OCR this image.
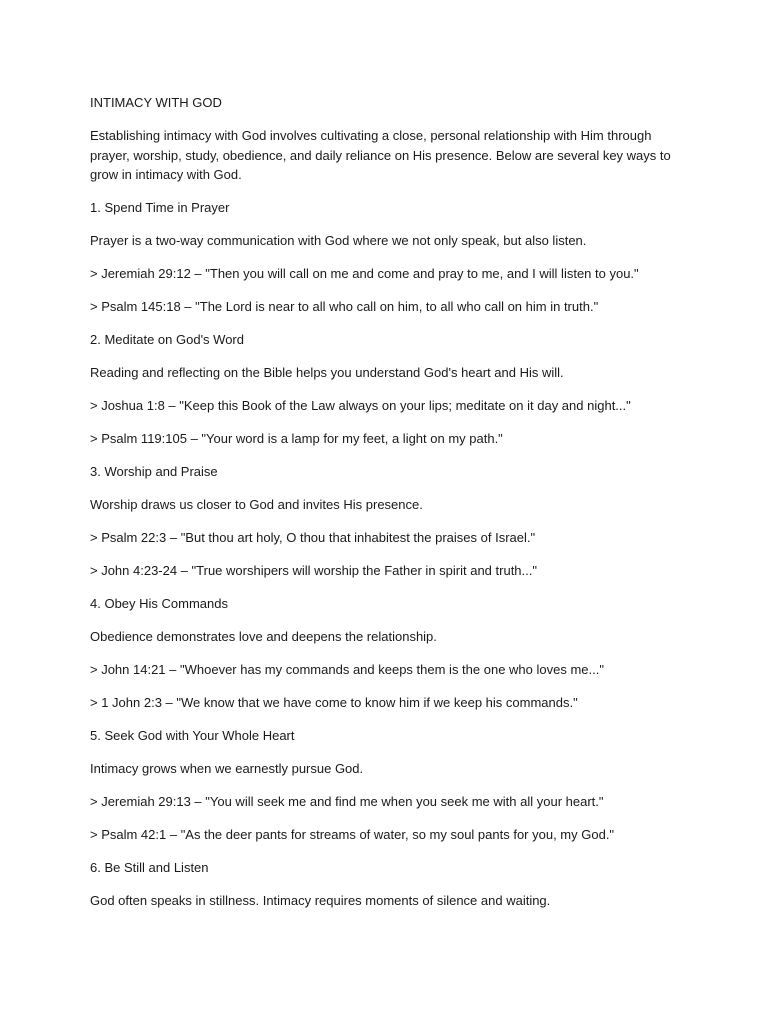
INTIMACY WITH GOD
Establishing intimacy with God involves cultivating a close, personal relationship with Him through prayer, worship, study, obedience, and daily reliance on His presence. Below are several key ways to grow in intimacy with God.
1. Spend Time in Prayer
Prayer is a two-way communication with God where we not only speak, but also listen.
> Jeremiah 29:12 – "Then you will call on me and come and pray to me, and I will listen to you."
> Psalm 145:18 – "The Lord is near to all who call on him, to all who call on him in truth."
2. Meditate on God's Word
Reading and reflecting on the Bible helps you understand God's heart and His will.
> Joshua 1:8 – "Keep this Book of the Law always on your lips; meditate on it day and night..."
> Psalm 119:105 – "Your word is a lamp for my feet, a light on my path."
3. Worship and Praise
Worship draws us closer to God and invites His presence.
> Psalm 22:3 – "But thou art holy, O thou that inhabitest the praises of Israel."
> John 4:23-24 – "True worshipers will worship the Father in spirit and truth..."
4. Obey His Commands
Obedience demonstrates love and deepens the relationship.
> John 14:21 – "Whoever has my commands and keeps them is the one who loves me..."
> 1 John 2:3 – "We know that we have come to know him if we keep his commands."
5. Seek God with Your Whole Heart
Intimacy grows when we earnestly pursue God.
> Jeremiah 29:13 – "You will seek me and find me when you seek me with all your heart."
> Psalm 42:1 – "As the deer pants for streams of water, so my soul pants for you, my God."
6. Be Still and Listen
God often speaks in stillness. Intimacy requires moments of silence and waiting.
